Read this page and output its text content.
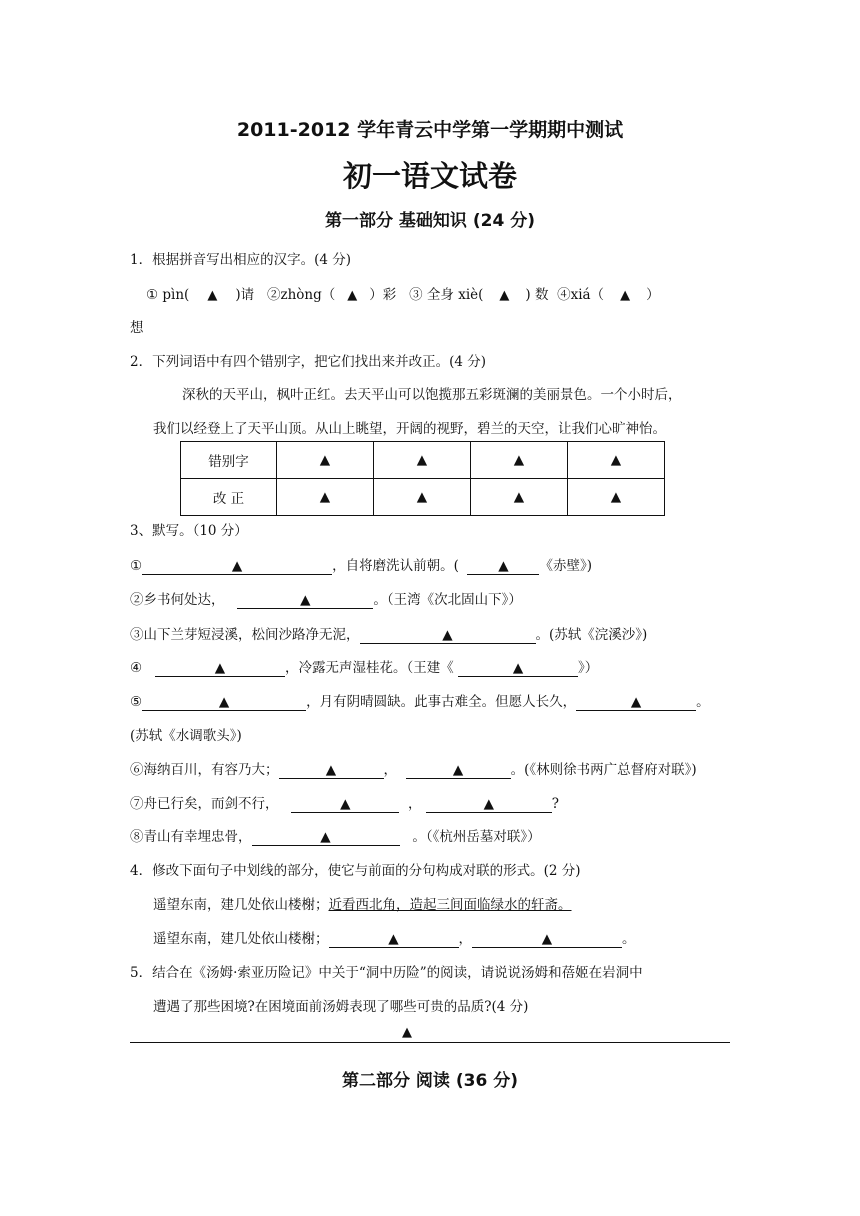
2011-2012 学年青云中学第一学期期中测试
初一语文试卷
第一部分 基础知识 (24 分)
1．根据拼音写出相应的汉字。(4 分)
① pìn( ▲ )请 ②zhòng（ ▲ ）彩 ③ 全身 xiè( ▲ ) 数 ④xiá（ ▲ ）
想
2．下列词语中有四个错别字，把它们找出来并改正。(4 分)
深秋的天平山，枫叶正红。去天平山可以饱揽那五彩斑澜的美丽景色。一个小时后，
我们以经登上了天平山顶。从山上眺望，开阔的视野，碧兰的天空，让我们心旷神怡。
错别字	▲	▲	▲	▲
改 正	▲	▲	▲	▲
3、默写。（10 分）
①	▲	，自将磨洗认前朝。(	▲ 《赤壁》)
②乡书何处达，	▲	。（王湾《次北固山下》）
③山下兰芽短浸溪，松间沙路净无泥，	▲	。(苏轼《浣溪沙》)
④	▲	，冷露无声湿桂花。（王建《	▲	》）
⑤	▲	，月有阴晴圆缺。此事古难全。但愿人长久，	▲	。
(苏轼《水调歌头》)
⑥海纳百川，有容乃大；	▲	，	▲	。(《林则徐书两广总督府对联》)
⑦舟已行矣，而剑不行，	▲	，	▲	?
⑧青山有幸埋忠骨，	▲	。（《杭州岳墓对联》）
4．修改下面句子中划线的部分，使它与前面的分句构成对联的形式。(2 分)
遥望东南，建几处依山楼榭；近看西北角，造起三间面临绿水的轩斋。
遥望东南，建几处依山楼榭；	▲	，	▲	。
5．结合在《汤姆·索亚历险记》中关于“洞中历险”的阅读，请说说汤姆和蓓姬在岩洞中
遭遇了那些困境?在困境面前汤姆表现了哪些可贵的品质?(4 分)
▲
第二部分 阅读 (36 分)
